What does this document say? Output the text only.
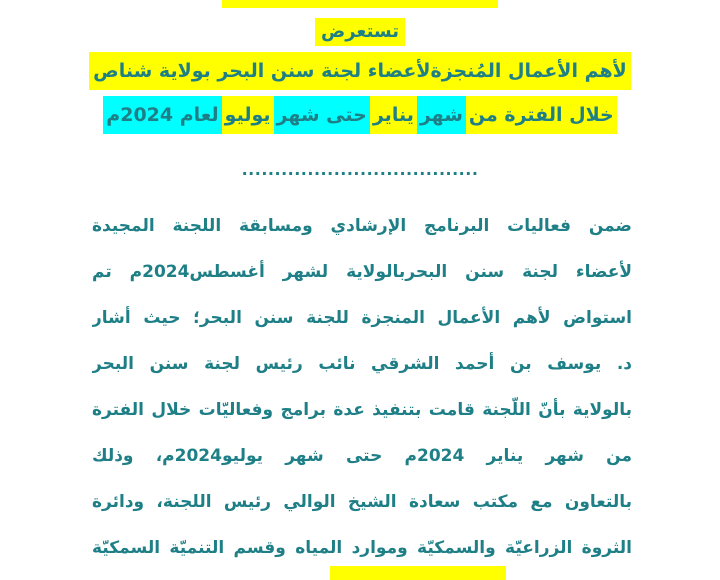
تستعرض
لأهم الأعمال المُنجزةلأعضاء لجنة سنن البحر بولاية شناص
خلال الفترة منشهرينايرحتى شهريوليولعام 2024م
....................................
ضمن فعاليات البرنامج الإرشادي ومسابقة اللجنة المجيدة
لأعضاء لجنة سنن البحربالولاية لشهر أغسطس2024م تم
استواض لأهم الأعمال المنجزة للجنة سنن البحر؛ حيث أشار
د. يوسف بن أحمد الشرقي نائب رئيس لجنة سنن البحر
بالولاية بأنّ اللّجنة قامت بتنفيذ عدة برامج وفعاليّات خلال الفترة
من شهر يناير 2024م حتى شهر يوليو2024م، وذلك
بالتعاون مع مكتب سعادة الشيخ الوالي رئيس اللجنة، ودائرة
الثروة الزراعيّة والسمكيّة وموارد المياه وقسم التنميّة السمكيّة
